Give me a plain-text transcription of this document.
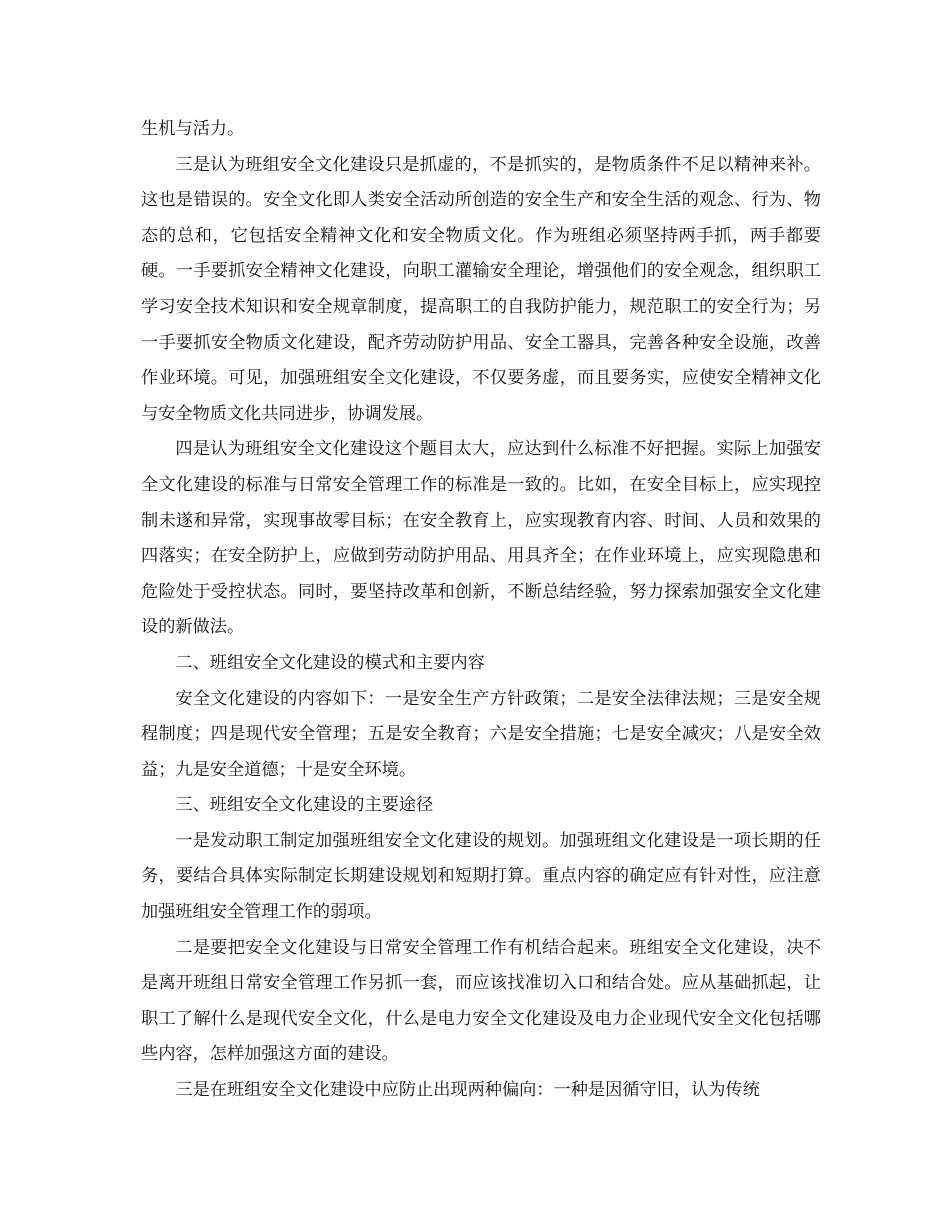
生机与活力。

三是认为班组安全文化建设只是抓虚的，不是抓实的，是物质条件不足以精神来补。这也是错误的。安全文化即人类安全活动所创造的安全生产和安全生活的观念、行为、物态的总和，它包括安全精神文化和安全物质文化。作为班组必须坚持两手抓，两手都要硬。一手要抓安全精神文化建设，向职工灌输安全理论，增强他们的安全观念，组织职工学习安全技术知识和安全规章制度，提高职工的自我防护能力，规范职工的安全行为；另一手要抓安全物质文化建设，配齐劳动防护用品、安全工器具，完善各种安全设施，改善作业环境。可见，加强班组安全文化建设，不仅要务虚，而且要务实，应使安全精神文化与安全物质文化共同进步，协调发展。

四是认为班组安全文化建设这个题目太大，应达到什么标准不好把握。实际上加强安全文化建设的标准与日常安全管理工作的标准是一致的。比如，在安全目标上，应实现控制未遂和异常，实现事故零目标；在安全教育上，应实现教育内容、时间、人员和效果的四落实；在安全防护上，应做到劳动防护用品、用具齐全；在作业环境上，应实现隐患和危险处于受控状态。同时，要坚持改革和创新，不断总结经验，努力探索加强安全文化建设的新做法。

二、班组安全文化建设的模式和主要内容

安全文化建设的内容如下：一是安全生产方针政策；二是安全法律法规；三是安全规程制度；四是现代安全管理；五是安全教育；六是安全措施；七是安全减灾；八是安全效益；九是安全道德；十是安全环境。

三、班组安全文化建设的主要途径

一是发动职工制定加强班组安全文化建设的规划。加强班组文化建设是一项长期的任务，要结合具体实际制定长期建设规划和短期打算。重点内容的确定应有针对性，应注意加强班组安全管理工作的弱项。

二是要把安全文化建设与日常安全管理工作有机结合起来。班组安全文化建设，决不是离开班组日常安全管理工作另抓一套，而应该找准切入口和结合处。应从基础抓起，让职工了解什么是现代安全文化，什么是电力安全文化建设及电力企业现代安全文化包括哪些内容，怎样加强这方面的建设。

三是在班组安全文化建设中应防止出现两种偏向：一种是因循守旧，认为传统
